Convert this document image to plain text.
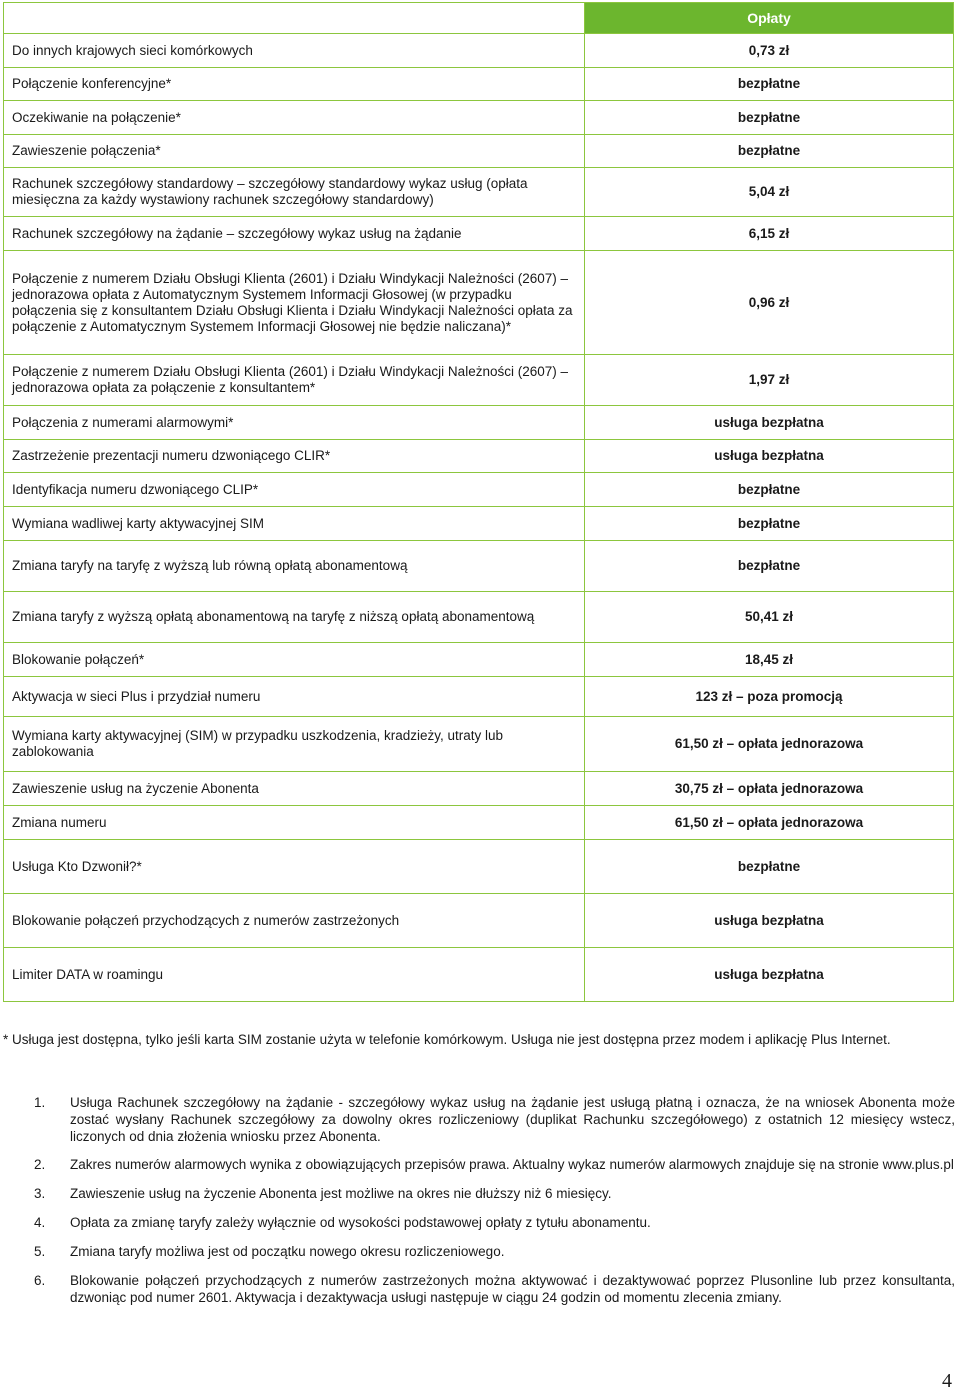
	Opłaty
Do innych krajowych sieci komórkowych	0,73 zł
Połączenie konferencyjne*	bezpłatne
Oczekiwanie na połączenie*	bezpłatne
Zawieszenie połączenia*	bezpłatne
Rachunek szczegółowy standardowy – szczegółowy standardowy wykaz usług (opłata miesięczna za każdy wystawiony rachunek szczegółowy standardowy)	5,04 zł
Rachunek szczegółowy na żądanie – szczegółowy wykaz usług na żądanie	6,15 zł
Połączenie z numerem Działu Obsługi Klienta (2601) i Działu Windykacji Należności (2607) – jednorazowa opłata z Automatycznym Systemem Informacji Głosowej (w przypadku połączenia się z konsultantem Działu Obsługi Klienta i Działu Windykacji Należności opłata za połączenie z Automatycznym Systemem Informacji Głosowej nie będzie naliczana)*	0,96 zł
Połączenie z numerem Działu Obsługi Klienta (2601) i Działu Windykacji Należności (2607) – jednorazowa opłata za połączenie z konsultantem*	1,97 zł
Połączenia z numerami alarmowymi*	usługa bezpłatna
Zastrzeżenie prezentacji numeru dzwoniącego CLIR*	usługa bezpłatna
Identyfikacja numeru dzwoniącego CLIP*	bezpłatne
Wymiana wadliwej karty aktywacyjnej SIM	bezpłatne
Zmiana taryfy na taryfę z wyższą lub równą opłatą abonamentową	bezpłatne
Zmiana taryfy z wyższą opłatą abonamentową na taryfę z niższą opłatą abonamentową	50,41 zł
Blokowanie połączeń*	18,45 zł
Aktywacja w sieci Plus i przydział numeru	123 zł – poza promocją
Wymiana karty aktywacyjnej (SIM) w przypadku uszkodzenia, kradzieży, utraty lub zablokowania	61,50 zł – opłata jednorazowa
Zawieszenie usług na życzenie Abonenta	30,75 zł – opłata jednorazowa
Zmiana numeru	61,50 zł – opłata jednorazowa
Usługa Kto Dzwonił?*	bezpłatne
Blokowanie połączeń przychodzących z numerów zastrzeżonych	usługa bezpłatna
Limiter DATA w roamingu	usługa bezpłatna

* Usługa jest dostępna, tylko jeśli karta SIM zostanie użyta w telefonie komórkowym. Usługa nie jest dostępna przez modem i aplikację Plus Internet.

1. Usługa Rachunek szczegółowy na żądanie - szczegółowy wykaz usług na żądanie jest usługą płatną i oznacza, że na wniosek Abonenta może zostać wysłany Rachunek szczegółowy za dowolny okres rozliczeniowy (duplikat Rachunku szczegółowego) z ostatnich 12 miesięcy wstecz, liczonych od dnia złożenia wniosku przez Abonenta.
2. Zakres numerów alarmowych wynika z obowiązujących przepisów prawa. Aktualny wykaz numerów alarmowych znajduje się na stronie www.plus.pl
3. Zawieszenie usług na życzenie Abonenta jest możliwe na okres nie dłuższy niż 6 miesięcy.
4. Opłata za zmianę taryfy zależy wyłącznie od wysokości podstawowej opłaty z tytułu abonamentu.
5. Zmiana taryfy możliwa jest od początku nowego okresu rozliczeniowego.
6. Blokowanie połączeń przychodzących z numerów zastrzeżonych można aktywować i dezaktywować poprzez Plusonline lub przez konsultanta, dzwoniąc pod numer 2601. Aktywacja i dezaktywacja usługi następuje w ciągu 24 godzin od momentu zlecenia zmiany.
4
